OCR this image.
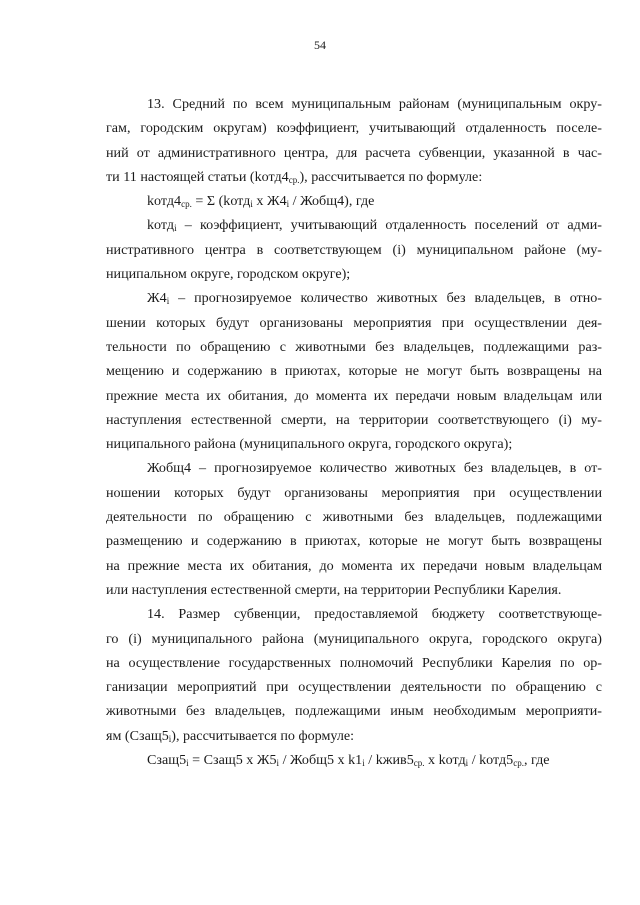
54
13. Средний по всем муниципальным районам (муниципальным окру-
гам, городским округам) коэффициент, учитывающий отдаленность поселе-
ний от административного центра, для расчета субвенции, указанной в час-
ти 11 настоящей статьи $(kотд4_{ср.})$, рассчитывается по формуле:
$kотд4_{ср.} = \Sigma$ (kотд$_i$ х $Ж4_i$ / Жобщ4), где
kотд$_i$ – коэффициент, учитывающий отдаленность поселений от адми-
нистративного центра в соответствующем (i) муниципальном районе (му-
ниципальном округе, городском округе);
$Ж4_i$ – прогнозируемое количество животных без владельцев, в отно-
шении которых будут организованы мероприятия при осуществлении дея-
тельности по обращению с животными без владельцев, подлежащими раз-
мещению и содержанию в приютах, которые не могут быть возвращены на
прежние места их обитания, до момента их передачи новым владельцам или
наступления естественной смерти, на территории соответствующего (i) му-
ниципального района (муниципального округа, городского округа);
Жобщ4 – прогнозируемое количество животных без владельцев, в от-
ношении которых будут организованы мероприятия при осуществлении
деятельности по обращению с животными без владельцев, подлежащими
размещению и содержанию в приютах, которые не могут быть возвращены
на прежние места их обитания, до момента их передачи новым владельцам
или наступления естественной смерти, на территории Республики Карелия.
14. Размер субвенции, предоставляемой бюджету соответствующе-
го (i) муниципального района (муниципального округа, городского округа)
на осуществление государственных полномочий Республики Карелия по ор-
ганизации мероприятий при осуществлении деятельности по обращению с
животными без владельцев, подлежащими иным необходимым мероприяти-
ям $(Сзащ5_i)$, рассчитывается по формуле:
$Сзащ5_i$ = Сзащ5 х $Ж5_i$ / Жобщ5 х $k1_i$ / $kжив5_{ср.}$ х kотд$_i$ / $kотд5_{ср.}$, где
